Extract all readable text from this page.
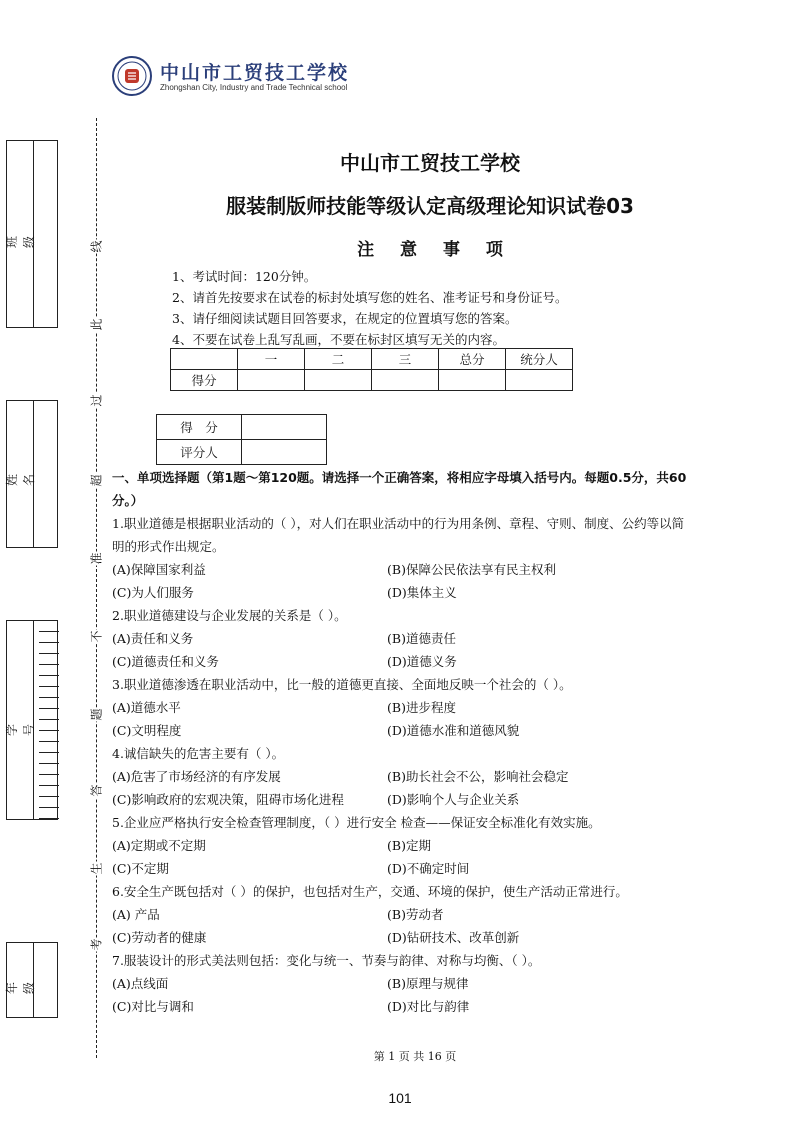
中山市工贸技工学校
Zhongshan City, Industry and Trade Technical school
班　级
姓　名
学　号
年　级
线
此
过
超
准
不
题
答
生
考
中山市工贸技工学校
服装制版师技能等级认定高级理论知识试卷03
注 意 事 项
1、考试时间：120分钟。
2、请首先按要求在试卷的标封处填写您的姓名、准考证号和身份证号。
3、请仔细阅读试题目回答要求，在规定的位置填写您的答案。
4、不要在试卷上乱写乱画，不要在标封区填写无关的内容。
	一	二	三	总分	统分人
得分					
得　分	
评分人	
一、单项选择题（第1题～第120题。请选择一个正确答案，将相应字母填入括号内。每题0.5分，共60分。）
1.职业道德是根据职业活动的（ ），对人们在职业活动中的行为用条例、章程、守则、制度、公约等以简明的形式作出规定。
(A)保障国家利益	(B)保障公民依法享有民主权利
(C)为人们服务	(D)集体主义
2.职业道德建设与企业发展的关系是（ ）。
(A)责任和义务	(B)道德责任
(C)道德责任和义务	(D)道德义务
3.职业道德渗透在职业活动中，比一般的道德更直接、全面地反映一个社会的（ ）。
(A)道德水平	(B)进步程度
(C)文明程度	(D)道德水准和道德风貌
4.诚信缺失的危害主要有（ ）。
(A)危害了市场经济的有序发展	(B)助长社会不公，影响社会稳定
(C)影响政府的宏观决策，阻碍市场化进程	(D)影响个人与企业关系
5.企业应严格执行安全检查管理制度，（ ）进行安全 检查——保证安全标准化有效实施。
(A)定期或不定期	(B)定期
(C)不定期	(D)不确定时间
6.安全生产既包括对（ ）的保护，也包括对生产，交通、环境的保护，使生产活动正常进行。
(A) 产品	(B)劳动者
(C)劳动者的健康	(D)钻研技术、改革创新
7.服装设计的形式美法则包括：变化与统一、节奏与韵律、对称与均衡、（ ）。
(A)点线面	(B)原理与规律
(C)对比与调和	(D)对比与韵律
第 1 页 共 16 页
101
